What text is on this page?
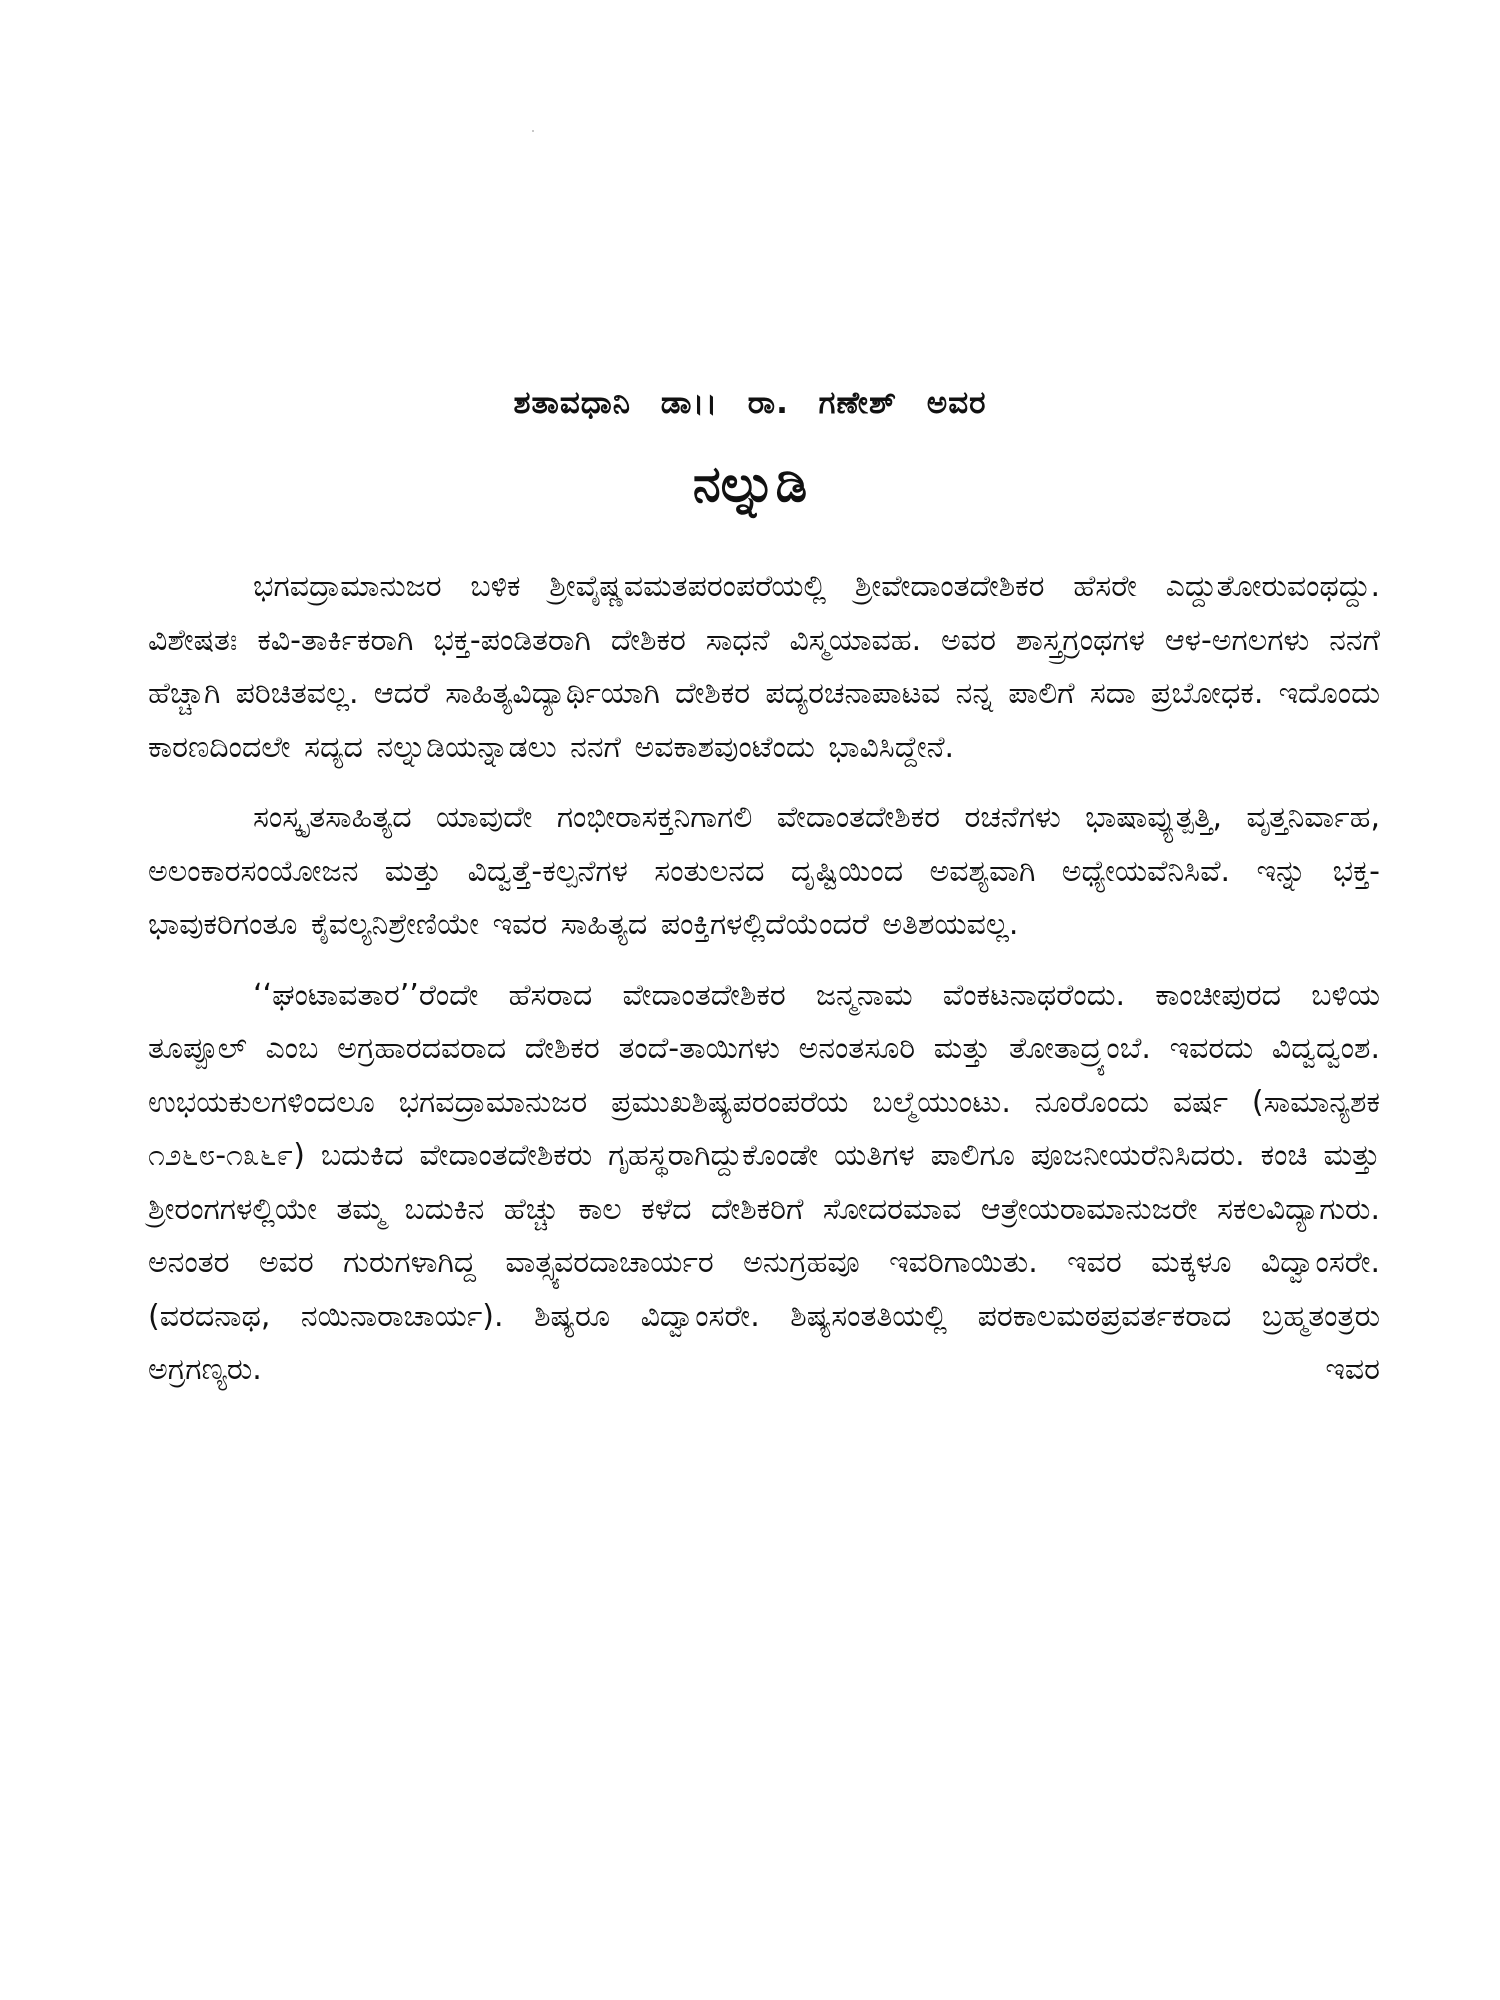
ಶತಾವಧಾನಿ ಡಾ।। ರಾ. ಗಣೇಶ್ ಅವರ
ನಲ್ನುಡಿ

ಭಗವದ್ರಾಮಾನುಜರ ಬಳಿಕ ಶ್ರೀವೈಷ್ಣವಮತಪರಂಪರೆಯಲ್ಲಿ ಶ್ರೀವೇದಾಂತದೇಶಿಕರ ಹೆಸರೇ ಎದ್ದುತೋರುವಂಥದ್ದು. ವಿಶೇಷತಃ ಕವಿ-ತಾರ್ಕಿಕರಾಗಿ ಭಕ್ತ-ಪಂಡಿತರಾಗಿ ದೇಶಿಕರ ಸಾಧನೆ ವಿಸ್ಮಯಾವಹ. ಅವರ ಶಾಸ್ತ್ರಗ್ರಂಥಗಳ ಆಳ-ಅಗಲಗಳು ನನಗೆ ಹೆಚ್ಚಾಗಿ ಪರಿಚಿತವಲ್ಲ. ಆದರೆ ಸಾಹಿತ್ಯವಿದ್ಯಾರ್ಥಿಯಾಗಿ ದೇಶಿಕರ ಪದ್ಯರಚನಾಪಾಟವ ನನ್ನ ಪಾಲಿಗೆ ಸದಾ ಪ್ರಬೋಧಕ. ಇದೊಂದು ಕಾರಣದಿಂದಲೇ ಸದ್ಯದ ನಲ್ನುಡಿಯನ್ನಾಡಲು ನನಗೆ ಅವಕಾಶವುಂಟೆಂದು ಭಾವಿಸಿದ್ದೇನೆ.

ಸಂಸ್ಕೃತಸಾಹಿತ್ಯದ ಯಾವುದೇ ಗಂಭೀರಾಸಕ್ತನಿಗಾಗಲಿ ವೇದಾಂತದೇಶಿಕರ ರಚನೆಗಳು ಭಾಷಾವ್ಯುತ್ಪತ್ತಿ, ವೃತ್ತನಿರ್ವಾಹ, ಅಲಂಕಾರಸಂಯೋಜನ ಮತ್ತು ವಿದ್ವತ್ತೆ-ಕಲ್ಪನೆಗಳ ಸಂತುಲನದ ದೃಷ್ಟಿಯಿಂದ ಅವಶ್ಯವಾಗಿ ಅಧ್ಯೇಯವೆನಿಸಿವೆ. ಇನ್ನು ಭಕ್ತ-ಭಾವುಕರಿಗಂತೂ ಕೈವಲ್ಯನಿಶ್ರೇಣಿಯೇ ಇವರ ಸಾಹಿತ್ಯದ ಪಂಕ್ತಿಗಳಲ್ಲಿದೆಯೆಂದರೆ ಅತಿಶಯವಲ್ಲ.

‘‘ಘಂಟಾವತಾರ’’ರೆಂದೇ ಹೆಸರಾದ ವೇದಾಂತದೇಶಿಕರ ಜನ್ಮನಾಮ ವೆಂಕಟನಾಥರೆಂದು. ಕಾಂಚೀಪುರದ ಬಳಿಯ ತೂಪ್ಪೂಲ್ ಎಂಬ ಅಗ್ರಹಾರದವರಾದ ದೇಶಿಕರ ತಂದೆ-ತಾಯಿಗಳು ಅನಂತಸೂರಿ ಮತ್ತು ತೋತಾದ್ರ್ಯಂಬೆ. ಇವರದು ವಿದ್ವದ್ವಂಶ. ಉಭಯಕುಲಗಳಿಂದಲೂ ಭಗವದ್ರಾಮಾನುಜರ ಪ್ರಮುಖಶಿಷ್ಯಪರಂಪರೆಯ ಬಲ್ಮೆಯುಂಟು. ನೂರೊಂದು ವರ್ಷ (ಸಾಮಾನ್ಯಶಕ ೧೨೬೮-೧೩೬೯) ಬದುಕಿದ ವೇದಾಂತದೇಶಿಕರು ಗೃಹಸ್ಥರಾಗಿದ್ದುಕೊಂಡೇ ಯತಿಗಳ ಪಾಲಿಗೂ ಪೂಜನೀಯರೆನಿಸಿದರು. ಕಂಚಿ ಮತ್ತು ಶ್ರೀರಂಗಗಳಲ್ಲಿಯೇ ತಮ್ಮ ಬದುಕಿನ ಹೆಚ್ಚು ಕಾಲ ಕಳೆದ ದೇಶಿಕರಿಗೆ ಸೋದರಮಾವ ಆತ್ರೇಯರಾಮಾನುಜರೇ ಸಕಲವಿದ್ಯಾಗುರು. ಅನಂತರ ಅವರ ಗುರುಗಳಾಗಿದ್ದ ವಾತ್ಸ್ಯವರದಾಚಾರ್ಯರ ಅನುಗ್ರಹವೂ ಇವರಿಗಾಯಿತು. ಇವರ ಮಕ್ಕಳೂ ವಿದ್ವಾಂಸರೇ. (ವರದನಾಥ, ನಯಿನಾರಾಚಾರ್ಯ). ಶಿಷ್ಯರೂ ವಿದ್ವಾಂಸರೇ. ಶಿಷ್ಯಸಂತತಿಯಲ್ಲಿ ಪರಕಾಲಮಠಪ್ರವರ್ತಕರಾದ ಬ್ರಹ್ಮತಂತ್ರರು ಅಗ್ರಗಣ್ಯರು. ಇವರ
